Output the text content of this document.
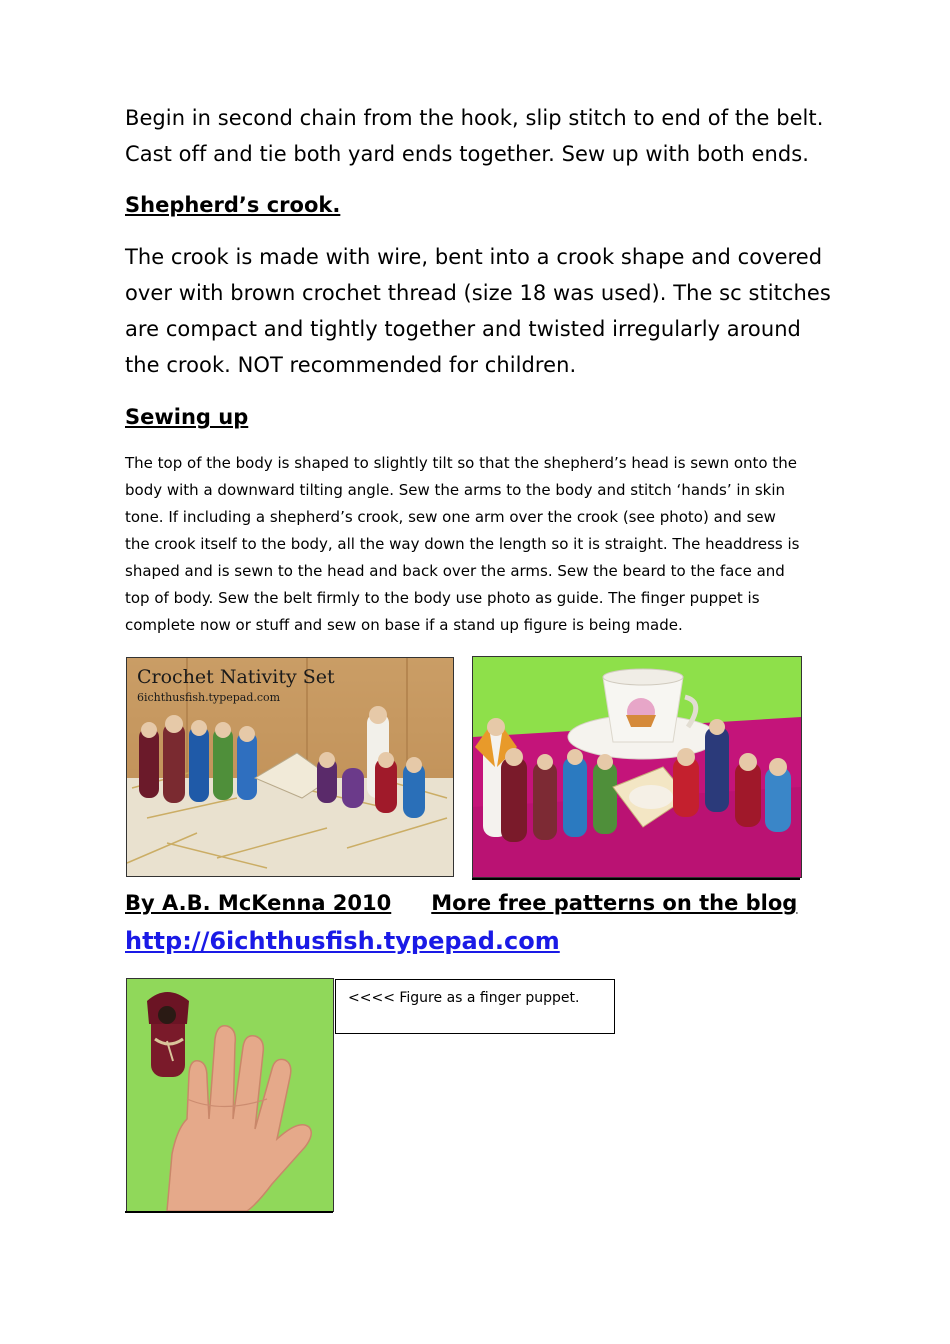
Begin in second chain from the hook, slip stitch to end of the belt.
Cast off and tie both yard ends together. Sew up with both ends.
Shepherd’s crook.
The crook is made with wire, bent into a crook shape and covered
over with brown crochet thread (size 18 was used). The sc stitches
are compact and tightly together and twisted irregularly around
the crook. NOT recommended for children.
Sewing up
The top of the body is shaped to slightly tilt so that the shepherd’s head is sewn onto the
body with a downward tilting angle. Sew the arms to the body and stitch ‘hands’ in skin
tone. If including a shepherd’s crook, sew one arm over the crook (see photo) and sew
the crook itself to the body, all the way down the length so it is straight. The headdress is
shaped and is sewn to the head and back over the arms. Sew the beard to the face and
top of body. Sew the belt firmly to the body use photo as guide. The finger puppet is
complete now or stuff and sew on base if a stand up figure is being made.
Crochet Nativity Set
6ichthusfish.typepad.com
By A.B. McKenna 2010 More free patterns on the blog
http://6ichthusfish.typepad.com
<<<< Figure as a finger puppet.
